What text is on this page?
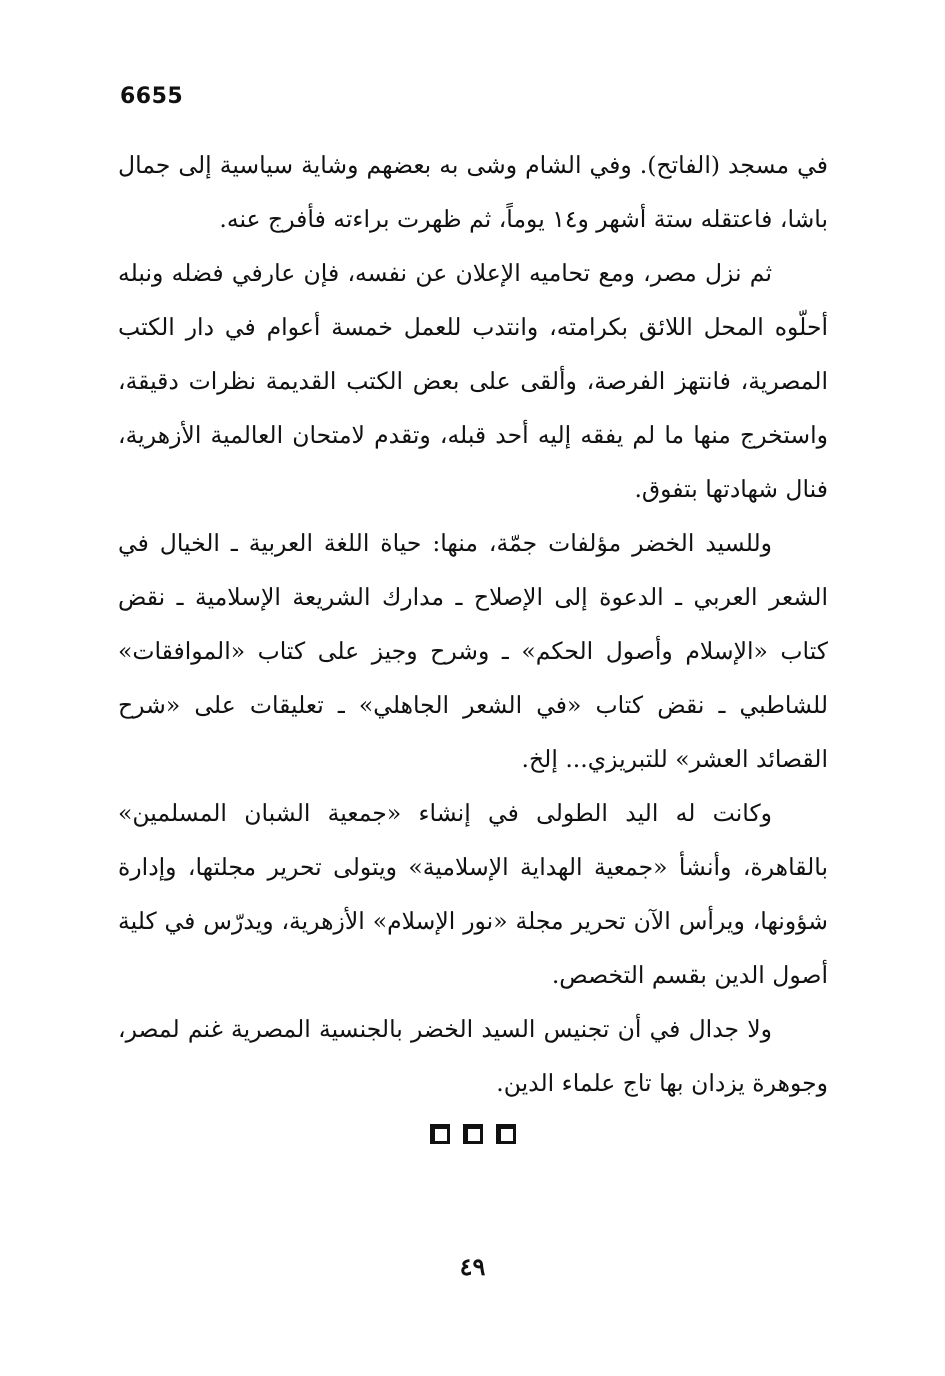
6655

في مسجد (الفاتح). وفي الشام وشى به بعضهم وشاية سياسية إلى جمال باشا، فاعتقله ستة أشهر و١٤ يوماً، ثم ظهرت براءته فأفرج عنه.

ثم نزل مصر، ومع تحاميه الإعلان عن نفسه، فإن عارفي فضله ونبله أحلّوه المحل اللائق بكرامته، وانتدب للعمل خمسة أعوام في دار الكتب المصرية، فانتهز الفرصة، وألقى على بعض الكتب القديمة نظرات دقيقة، واستخرج منها ما لم يفقه إليه أحد قبله، وتقدم لامتحان العالمية الأزهرية، فنال شهادتها بتفوق.

وللسيد الخضر مؤلفات جمّة، منها: حياة اللغة العربية ـ الخيال في الشعر العربي ـ الدعوة إلى الإصلاح ـ مدارك الشريعة الإسلامية ـ نقض كتاب «الإسلام وأصول الحكم» ـ وشرح وجيز على كتاب «الموافقات» للشاطبي ـ نقض كتاب «في الشعر الجاهلي» ـ تعليقات على «شرح القصائد العشر» للتبريزي... إلخ.

وكانت له اليد الطولى في إنشاء «جمعية الشبان المسلمين» بالقاهرة، وأنشأ «جمعية الهداية الإسلامية» ويتولى تحرير مجلتها، وإدارة شؤونها، ويرأس الآن تحرير مجلة «نور الإسلام» الأزهرية، ويدرّس في كلية أصول الدين بقسم التخصص.

ولا جدال في أن تجنيس السيد الخضر بالجنسية المصرية غنم لمصر، وجوهرة يزدان بها تاج علماء الدين.

٤٩
